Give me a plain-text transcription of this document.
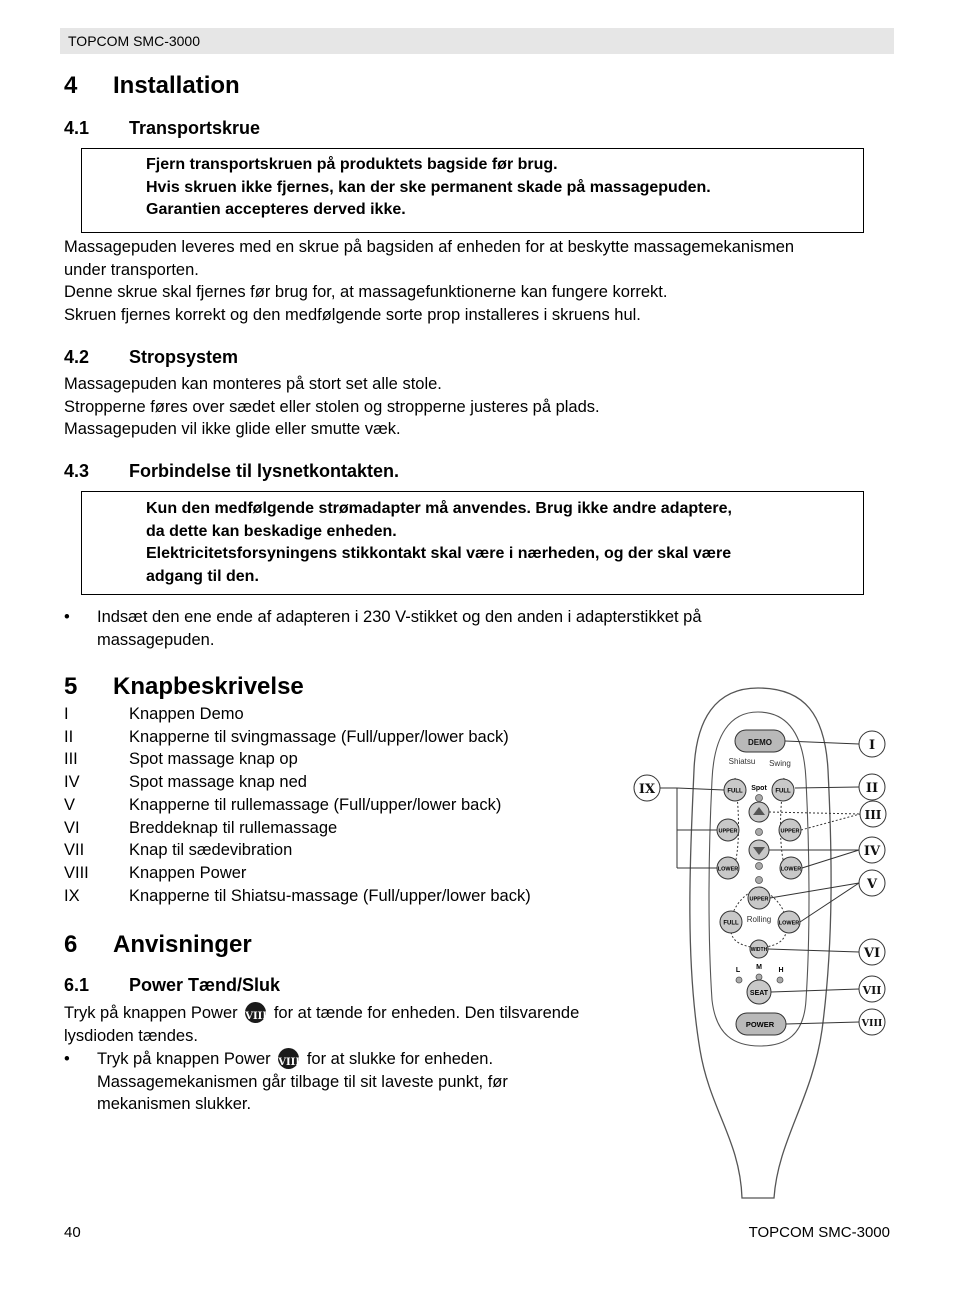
TOPCOM SMC-3000
4 Installation
4.1 Transportskrue
Fjern transportskruen på produktets bagside før brug.
Hvis skruen ikke fjernes, kan der ske permanent skade på massagepuden.
Garantien accepteres derved ikke.
Massagepuden leveres med en skrue på bagsiden af enheden for at beskytte massagemekanismen
under transporten.
Denne skrue skal fjernes før brug for, at massagefunktionerne kan fungere korrekt.
Skruen fjernes korrekt og den medfølgende sorte prop installeres i skruens hul.
4.2 Stropsystem
Massagepuden kan monteres på stort set alle stole.
Stropperne føres over sædet eller stolen og stropperne justeres på plads.
Massagepuden vil ikke glide eller smutte væk.
4.3 Forbindelse til lysnetkontakten.
Kun den medfølgende strømadapter må anvendes. Brug ikke andre adaptere,
da dette kan beskadige enheden.
Elektricitetsforsyningens stikkontakt skal være i nærheden, og der skal være
adgang til den.
• Indsæt den ene ende af adapteren i 230 V-stikket og den anden i adapterstikket på
massagepuden.
5 Knapbeskrivelse
I	Knappen Demo
II	Knapperne til svingmassage (Full/upper/lower back)
III	Spot massage knap op
IV	Spot massage knap ned
V	Knapperne til rullemassage (Full/upper/lower back)
VI	Breddeknap til rullemassage
VII	Knap til sædevibration
VIII Knappen Power
IX	Knapperne til Shiatsu-massage (Full/upper/lower back)
6 Anvisninger
6.1 Power Tænd/Sluk
Tryk på knappen Power VIII for at tænde for enheden. Den tilsvarende
lysdioden tændes.
• Tryk på knappen Power VIII for at slukke for enheden.
Massagemekanismen går tilbage til sit laveste punkt, før
mekanismen slukker.
DEMO
Shiatsu Swing
FULL
UPPER
LOWER
FULL
UPPER
LOWER
Spot
UPPER
FULL	LOWER
Rolling
WIDTH
L M H
SEAT
POWER
I
II
III
IV
V
VI
VII
VIII
IX
40	TOPCOM SMC-3000
